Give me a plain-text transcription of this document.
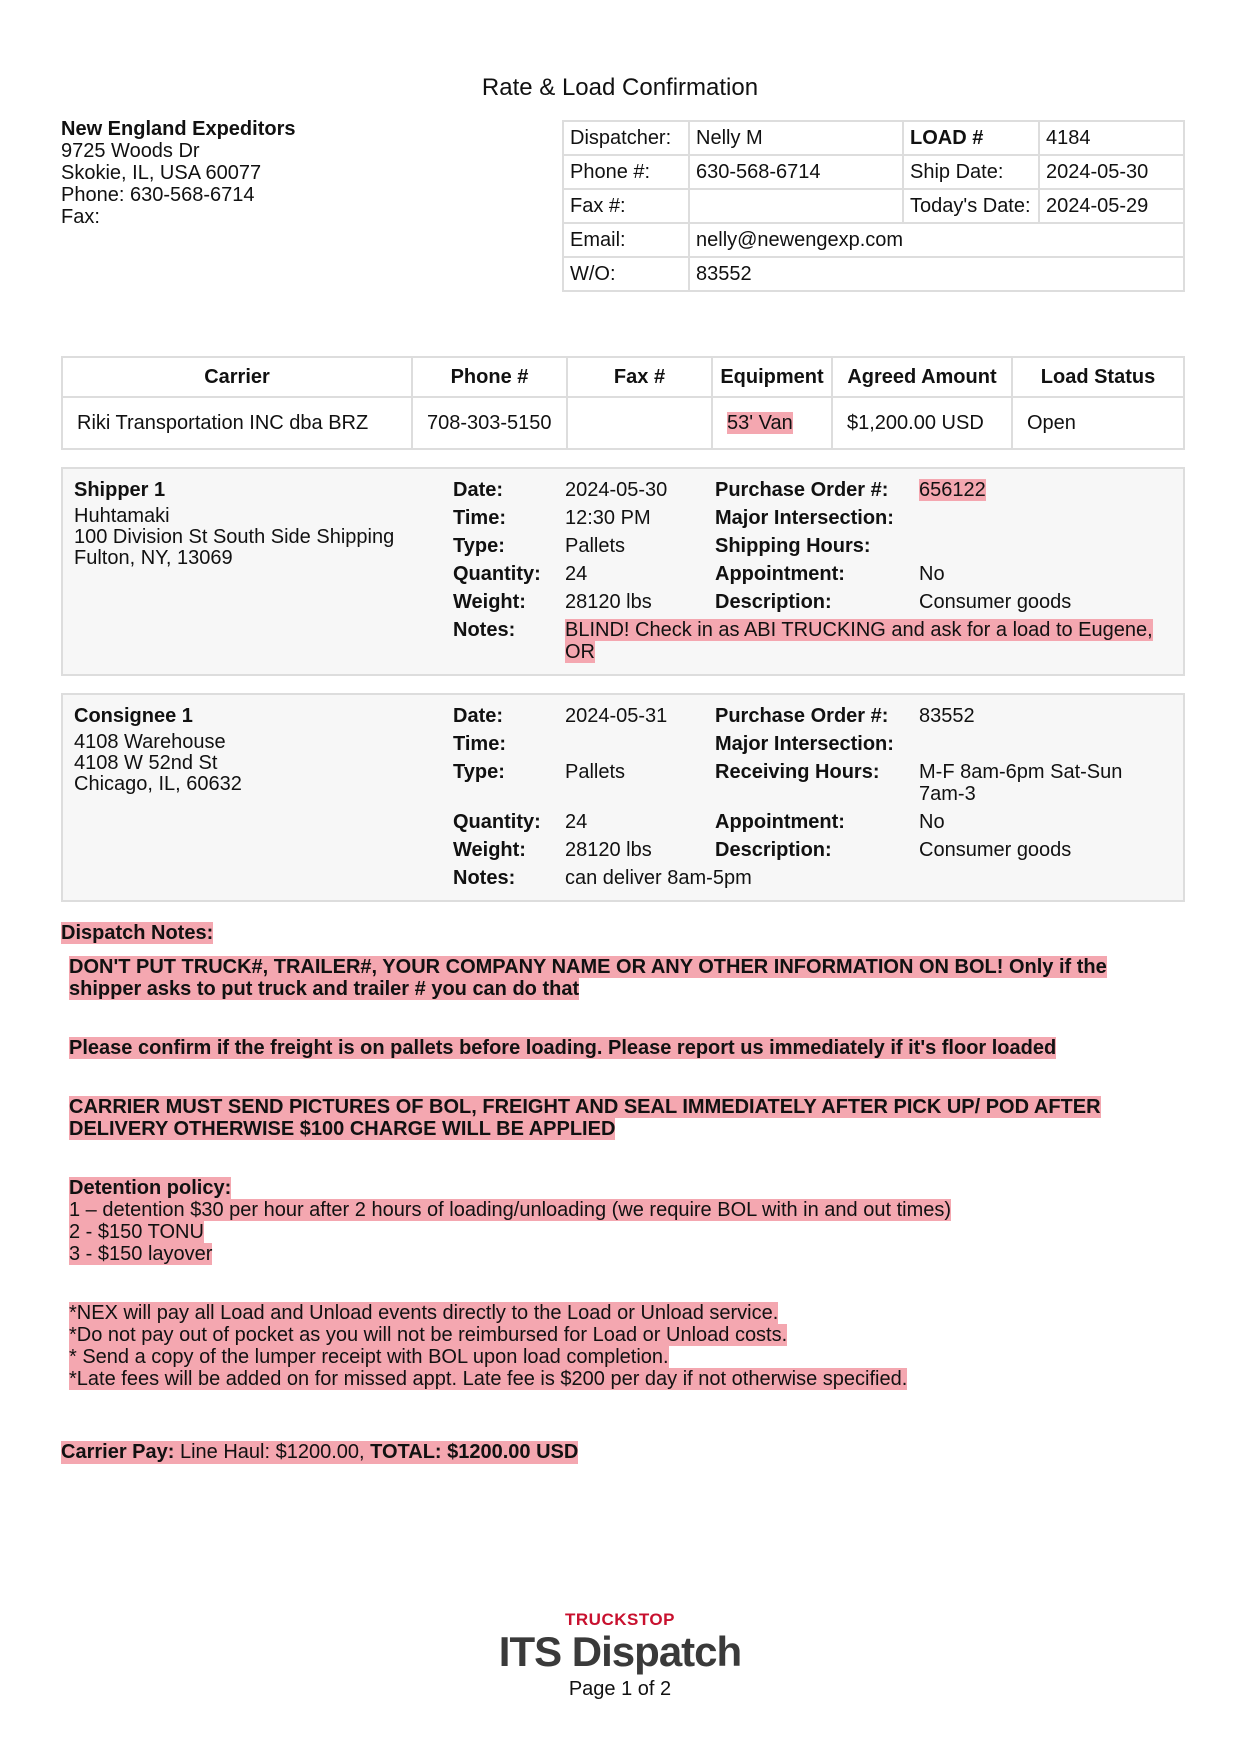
Rate & Load Confirmation
New England Expeditors
9725 Woods Dr
Skokie, IL, USA 60077
Phone: 630-568-6714
Fax:
Dispatcher:	Nelly M	LOAD #	4184
Phone #:	630-568-6714	Ship Date:	2024-05-30
Fax #:		Today's Date:	2024-05-29
Email:	nelly@newengexp.com		
W/O:	83552		
Carrier	Phone #	Fax #	Equipment	Agreed Amount	Load Status
Riki Transportation INC dba BRZ	708-303-5150		53' Van	$1,200.00 USD	Open
Shipper 1
Huhtamaki
100 Division St South Side Shipping
Fulton, NY, 13069
Date:	2024-05-30
Time:	12:30 PM
Type:	Pallets
Quantity: 24
Weight: 28120 lbs
Notes: BLIND! Check in as ABI TRUCKING and ask for a load to Eugene,
OR
Purchase Order #: 656122
Major Intersection:
Shipping Hours:
Appointment:	No
Description:	Consumer goods
Consignee 1
4108 Warehouse
4108 W 52nd St
Chicago, IL, 60632
Date:	2024-05-31
Time:
Type:	Pallets
Quantity: 24
Weight: 28120 lbs
Notes: can deliver 8am-5pm
Purchase Order #: 83552
Major Intersection:
Receiving Hours: M-F 8am-6pm Sat-Sun
7am-3
Appointment:	No
Description:	Consumer goods
Dispatch Notes:
DON'T PUT TRUCK#, TRAILER#, YOUR COMPANY NAME OR ANY OTHER INFORMATION ON BOL! Only if the
shipper asks to put truck and trailer # you can do that
Please confirm if the freight is on pallets before loading. Please report us immediately if it's floor loaded
CARRIER MUST SEND PICTURES OF BOL, FREIGHT AND SEAL IMMEDIATELY AFTER PICK UP/ POD AFTER
DELIVERY OTHERWISE $100 CHARGE WILL BE APPLIED
Detention policy:
1 – detention $30 per hour after 2 hours of loading/unloading (we require BOL with in and out times)
2 - $150 TONU
3 - $150 layover
*NEX will pay all Load and Unload events directly to the Load or Unload service.
*Do not pay out of pocket as you will not be reimbursed for Load or Unload costs.
* Send a copy of the lumper receipt with BOL upon load completion.
*Late fees will be added on for missed appt. Late fee is $200 per day if not otherwise specified.
Carrier Pay: Line Haul: $1200.00, TOTAL: $1200.00 USD
TRUCKSTOP
ITS Dispatch
Page 1 of 2
